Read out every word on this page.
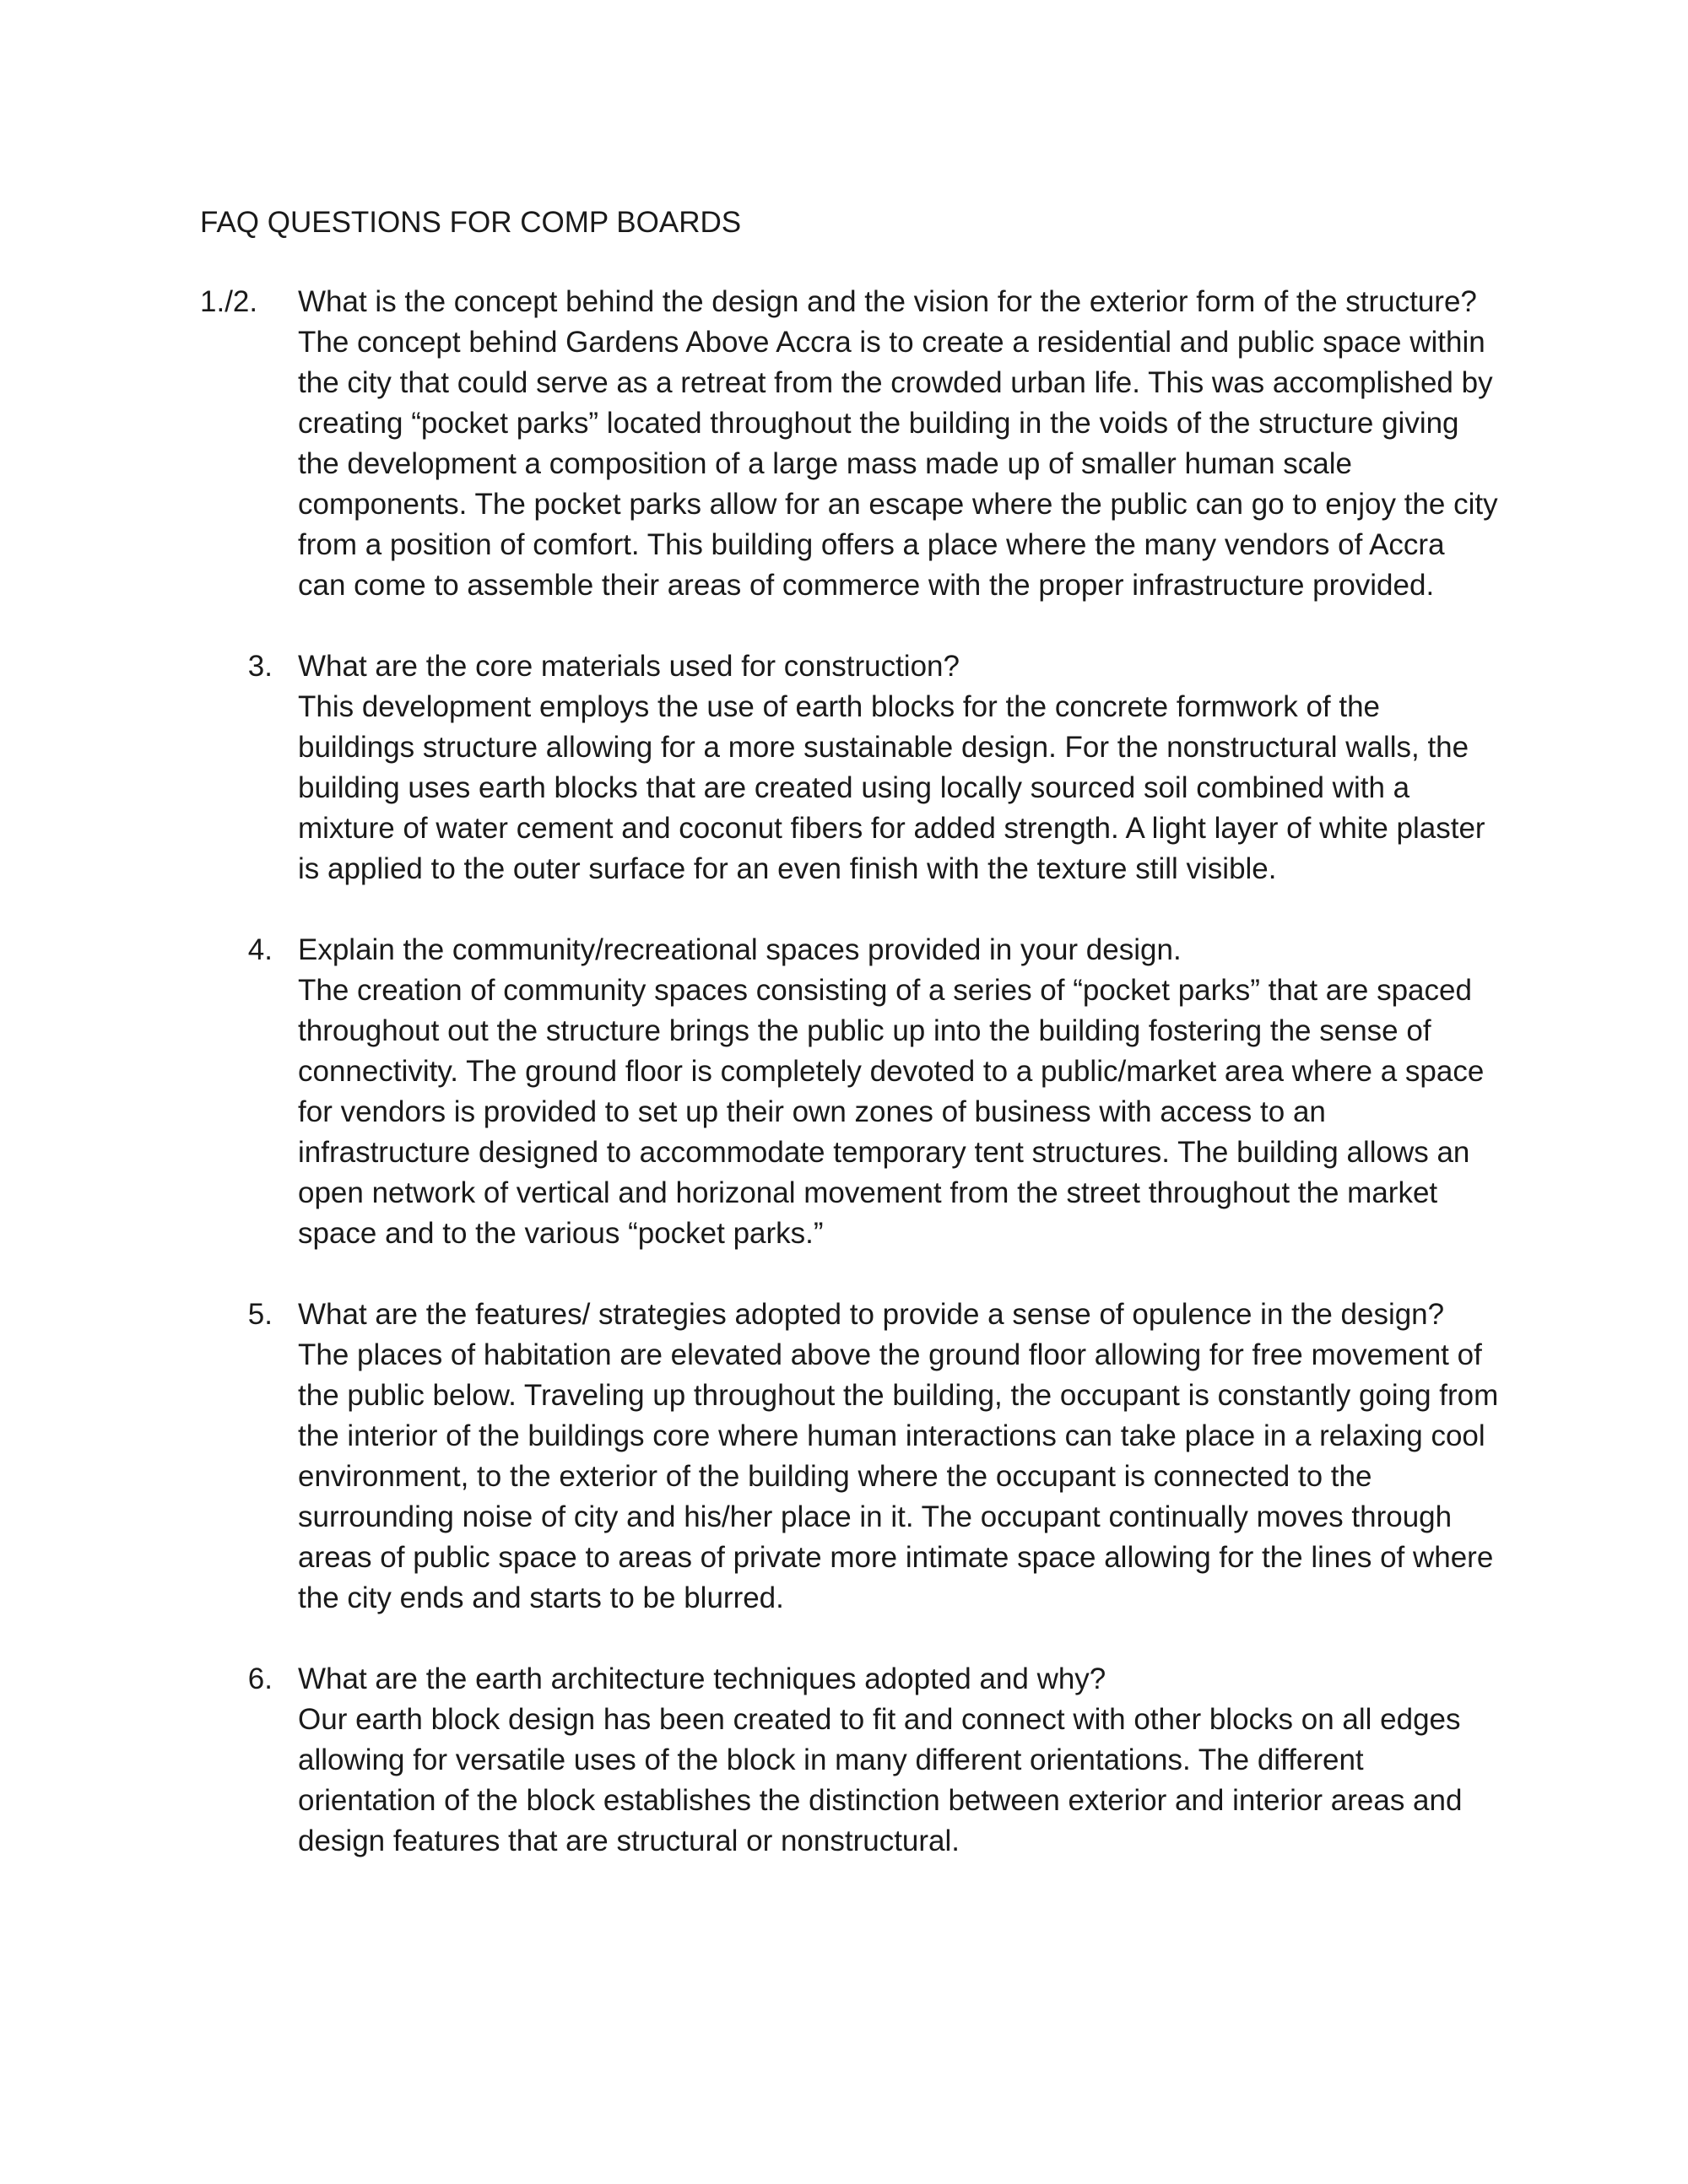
FAQ QUESTIONS FOR COMP BOARDS
1./2.	What is the concept behind the design and the vision for the exterior form of the structure?
The concept behind Gardens Above Accra is to create a residential and public space within the city that could serve as a retreat from the crowded urban life. This was accomplished by creating “pocket parks” located throughout the building in the voids of the structure giving the development a composition of a large mass made up of smaller human scale components. The pocket parks allow for an escape where the public can go to enjoy the city from a position of comfort. This building offers a place where the many vendors of Accra can come to assemble their areas of commerce with the proper infrastructure provided.
3. What are the core materials used for construction?
This development employs the use of earth blocks for the concrete formwork of the buildings structure allowing for a more sustainable design. For the nonstructural walls, the building uses earth blocks that are created using locally sourced soil combined with a mixture of water cement and coconut fibers for added strength. A light layer of white plaster is applied to the outer surface for an even finish with the texture still visible.
4. Explain the community/recreational spaces provided in your design.
The creation of community spaces consisting of a series of “pocket parks” that are spaced throughout out the structure brings the public up into the building fostering the sense of connectivity. The ground floor is completely devoted to a public/market area where a space for vendors is provided to set up their own zones of business with access to an infrastructure designed to accommodate temporary tent structures. The building allows an open network of vertical and horizonal movement from the street throughout the market space and to the various “pocket parks.”
5. What are the features/ strategies adopted to provide a sense of opulence in the design?
The places of habitation are elevated above the ground floor allowing for free movement of the public below. Traveling up throughout the building, the occupant is constantly going from the interior of the buildings core where human interactions can take place in a relaxing cool environment, to the exterior of the building where the occupant is connected to the surrounding noise of city and his/her place in it. The occupant continually moves through areas of public space to areas of private more intimate space allowing for the lines of where the city ends and starts to be blurred.
6. What are the earth architecture techniques adopted and why?
Our earth block design has been created to fit and connect with other blocks on all edges allowing for versatile uses of the block in many different orientations. The different orientation of the block establishes the distinction between exterior and interior areas and design features that are structural or nonstructural.
